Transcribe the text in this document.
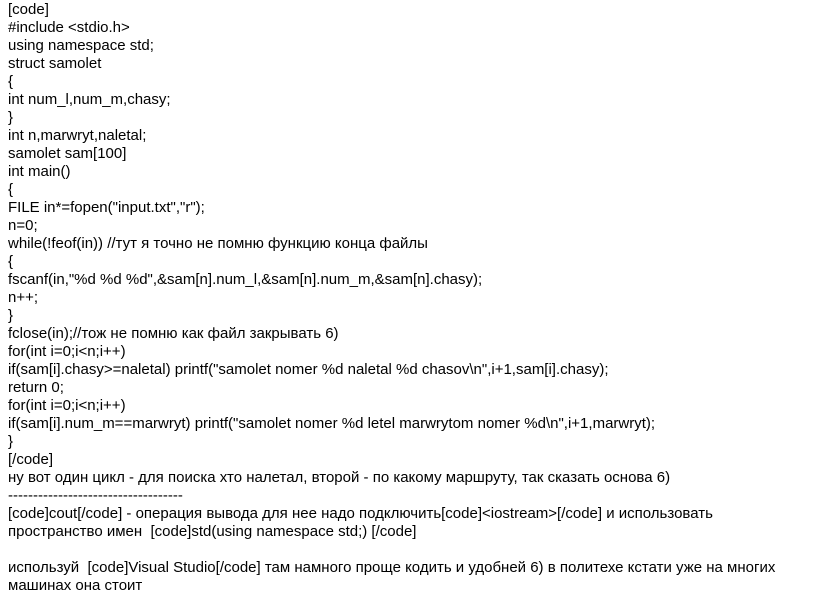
[code]
#include <stdio.h>
using namespace std;
struct samolet
{
int num_l,num_m,chasy;
}
int n,marwryt,naletal;
samolet sam[100]
int main()
{
FILE in*=fopen("input.txt","r");
n=0;
while(!feof(in)) //тут я точно не помню функцию конца файлы
{
fscanf(in,"%d %d %d",&sam[n].num_l,&sam[n].num_m,&sam[n].chasy);
n++;
}
fclose(in);//тож не помню как файл закрывать 6)
for(int i=0;i<n;i++)
if(sam[i].chasy>=naletal) printf("samolet nomer %d naletal %d chasov\n",i+1,sam[i].chasy);
return 0;
for(int i=0;i<n;i++)
if(sam[i].num_m==marwryt) printf("samolet nomer %d letel marwrytom nomer %d\n",i+1,marwryt);
}
[/code]
ну вот один цикл - для поиска хто налетал, второй - по какому маршруту, так сказать основа 6)
-----------------------------------
[code]cout[/code] - операция вывода для нее надо подключить[code]<iostream>[/code] и использовать
пространство имен  [code]std(using namespace std;) [/code]
используй  [code]Visual Studio[/code] там намного проще кодить и удобней 6) в политехе кстати уже на многих
машинах она стоит
